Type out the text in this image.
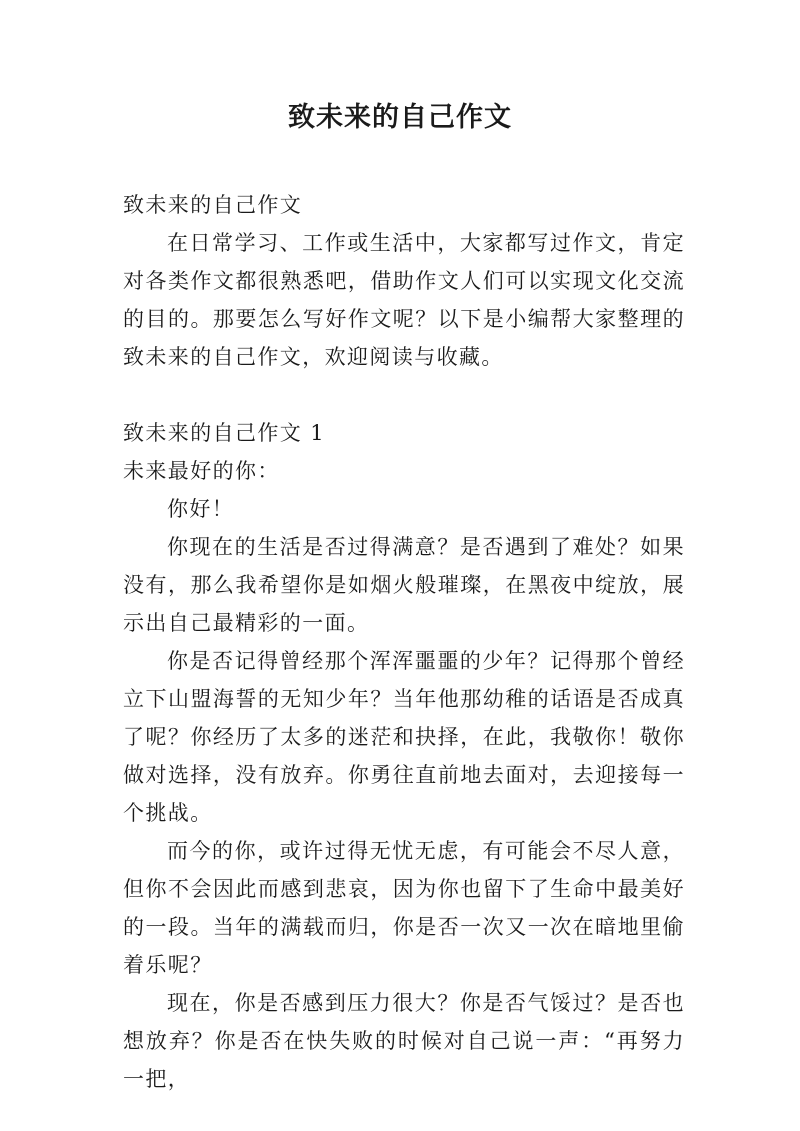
致未来的自己作文

致未来的自己作文

在日常学习、工作或生活中，大家都写过作文，肯定对各类作文都很熟悉吧，借助作文人们可以实现文化交流的目的。那要怎么写好作文呢？以下是小编帮大家整理的致未来的自己作文，欢迎阅读与收藏。

致未来的自己作文 1

未来最好的你：

你好！

你现在的生活是否过得满意？是否遇到了难处？如果没有，那么我希望你是如烟火般璀璨，在黑夜中绽放，展示出自己最精彩的一面。

你是否记得曾经那个浑浑噩噩的少年？记得那个曾经立下山盟海誓的无知少年？当年他那幼稚的话语是否成真了呢？你经历了太多的迷茫和抉择，在此，我敬你！敬你做对选择，没有放弃。你勇往直前地去面对，去迎接每一个挑战。

而今的你，或许过得无忧无虑，有可能会不尽人意，但你不会因此而感到悲哀，因为你也留下了生命中最美好的一段。当年的满载而归，你是否一次又一次在暗地里偷着乐呢？

现在，你是否感到压力很大？你是否气馁过？是否也想放弃？你是否在快失败的时候对自己说一声：“再努力一把，
